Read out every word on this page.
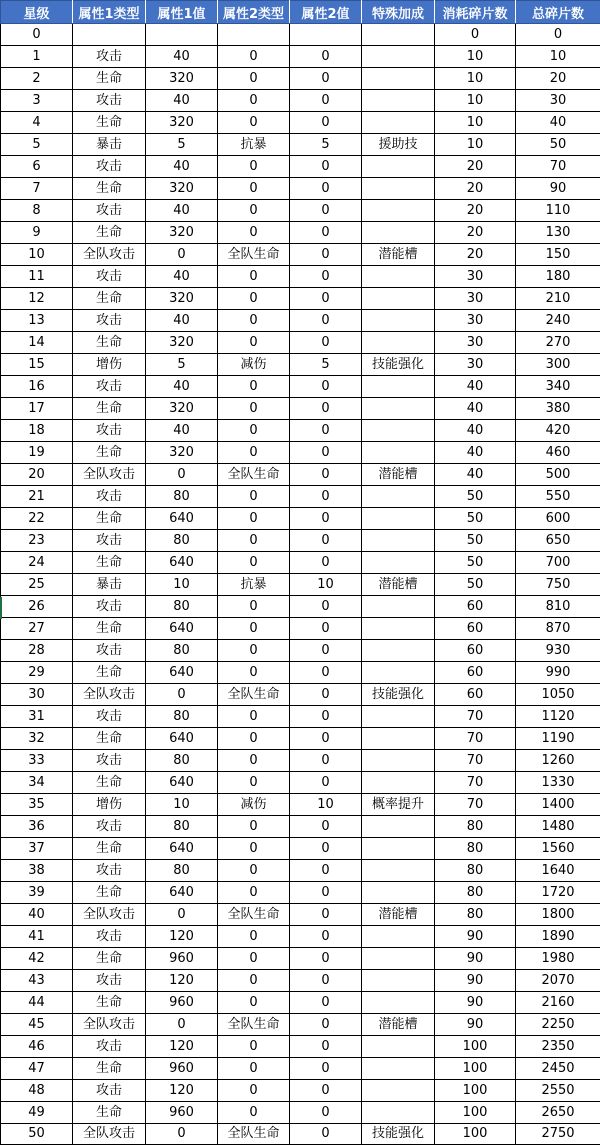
星级	属性1类型	属性1值	属性2类型	属性2值	特殊加成	消耗碎片数	总碎片数
0						0	0
1	攻击	40	0	0		10	10
2	生命	320	0	0		10	20
3	攻击	40	0	0		10	30
4	生命	320	0	0		10	40
5	暴击	5	抗暴	5	援助技	10	50
6	攻击	40	0	0		20	70
7	生命	320	0	0		20	90
8	攻击	40	0	0		20	110
9	生命	320	0	0		20	130
10	全队攻击	0	全队生命	0	潜能槽	20	150
11	攻击	40	0	0		30	180
12	生命	320	0	0		30	210
13	攻击	40	0	0		30	240
14	生命	320	0	0		30	270
15	增伤	5	减伤	5	技能强化	30	300
16	攻击	40	0	0		40	340
17	生命	320	0	0		40	380
18	攻击	40	0	0		40	420
19	生命	320	0	0		40	460
20	全队攻击	0	全队生命	0	潜能槽	40	500
21	攻击	80	0	0		50	550
22	生命	640	0	0		50	600
23	攻击	80	0	0		50	650
24	生命	640	0	0		50	700
25	暴击	10	抗暴	10	潜能槽	50	750
26	攻击	80	0	0		60	810
27	生命	640	0	0		60	870
28	攻击	80	0	0		60	930
29	生命	640	0	0		60	990
30	全队攻击	0	全队生命	0	技能强化	60	1050
31	攻击	80	0	0		70	1120
32	生命	640	0	0		70	1190
33	攻击	80	0	0		70	1260
34	生命	640	0	0		70	1330
35	增伤	10	减伤	10	概率提升	70	1400
36	攻击	80	0	0		80	1480
37	生命	640	0	0		80	1560
38	攻击	80	0	0		80	1640
39	生命	640	0	0		80	1720
40	全队攻击	0	全队生命	0	潜能槽	80	1800
41	攻击	120	0	0		90	1890
42	生命	960	0	0		90	1980
43	攻击	120	0	0		90	2070
44	生命	960	0	0		90	2160
45	全队攻击	0	全队生命	0	潜能槽	90	2250
46	攻击	120	0	0		100	2350
47	生命	960	0	0		100	2450
48	攻击	120	0	0		100	2550
49	生命	960	0	0		100	2650
50	全队攻击	0	全队生命	0	技能强化	100	2750
